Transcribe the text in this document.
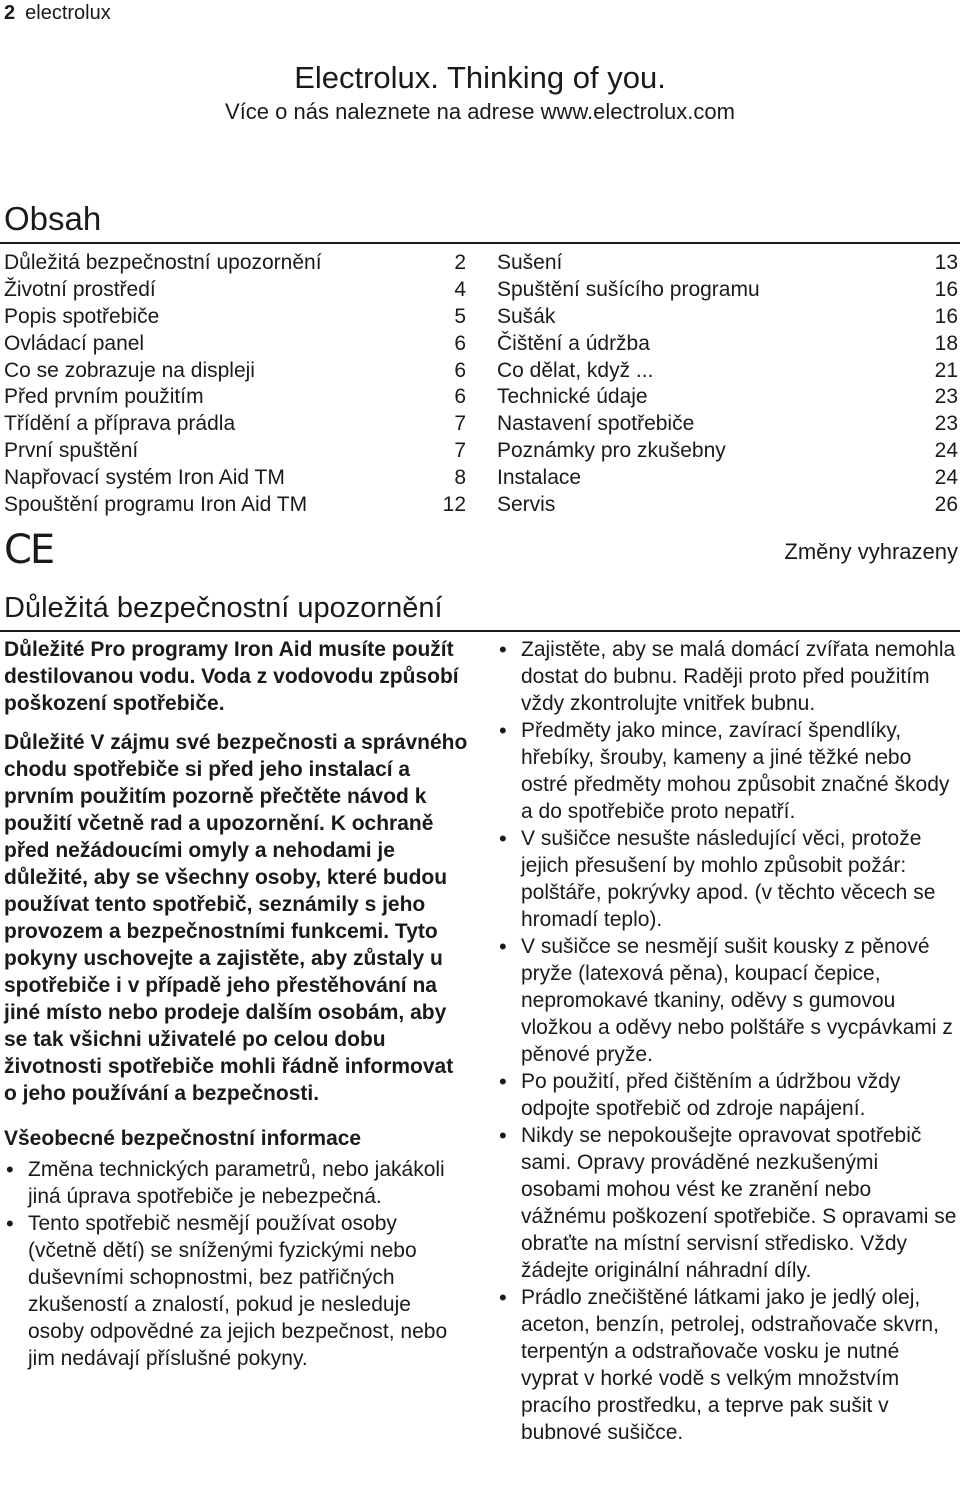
2 electrolux
Electrolux. Thinking of you.
Více o nás naleznete na adrese www.electrolux.com
Obsah
Důležitá bezpečnostní upozornění	2
Životní prostředí	4
Popis spotřebiče	5
Ovládací panel	6
Co se zobrazuje na displeji	6
Před prvním použitím	6
Třídění a příprava prádla	7
První spuštění	7
Napřovací systém Iron Aid TM	8
Spouštění programu Iron Aid TM	12
Sušení	13
Spuštění sušícího programu	16
Sušák	16
Čištění a údržba	18
Co dělat, když ...	21
Technické údaje	23
Nastavení spotřebiče	23
Poznámky pro zkušebny	24
Instalace	24
Servis	26
CE	Změny vyhrazeny
Důležitá bezpečnostní upozornění

Důležité Pro programy Iron Aid musíte použít destilovanou vodu. Voda z vodovodu způsobí poškození spotřebiče.

Důležité V zájmu své bezpečnosti a správného chodu spotřebiče si před jeho instalací a prvním použitím pozorně přečtěte návod k použití včetně rad a upozornění. K ochraně před nežádoucími omyly a nehodami je důležité, aby se všechny osoby, které budou používat tento spotřebič, seznámily s jeho provozem a bezpečnostními funkcemi. Tyto pokyny uschovejte a zajistěte, aby zůstaly u spotřebiče i v případě jeho přestěhování na jiné místo nebo prodeje dalším osobám, aby se tak všichni uživatelé po celou dobu životnosti spotřebiče mohli řádně informovat o jeho používání a bezpečnosti.

Všeobecné bezpečnostní informace
• Změna technických parametrů, nebo jakákoli jiná úprava spotřebiče je nebezpečná.
• Tento spotřebič nesmějí používat osoby (včetně dětí) se sníženými fyzickými nebo duševními schopnostmi, bez patřičných zkušeností a znalostí, pokud je nesleduje osoby odpovědné za jejich bezpečnost, nebo jim nedávají příslušné pokyny.
• Zajistěte, aby se malá domácí zvířata nemohla dostat do bubnu. Raději proto před použitím vždy zkontrolujte vnitřek bubnu.
• Předměty jako mince, zavírací špendlíky, hřebíky, šrouby, kameny a jiné těžké nebo ostré předměty mohou způsobit značné škody a do spotřebiče proto nepatří.
• V sušičce nesušte následující věci, protože jejich přesušení by mohlo způsobit požár: polštáře, pokrývky apod. (v těchto věcech se hromadí teplo).
• V sušičce se nesmějí sušit kousky z pěnové pryže (latexová pěna), koupací čepice, nepromokavé tkaniny, oděvy s gumovou vložkou a oděvy nebo polštáře s vycpávkami z pěnové pryže.
• Po použití, před čištěním a údržbou vždy odpojte spotřebič od zdroje napájení.
• Nikdy se nepokoušejte opravovat spotřebič sami. Opravy prováděné nezkušenými osobami mohou vést ke zranění nebo vážnému poškození spotřebiče. S opravami se obraťte na místní servisní středisko. Vždy žádejte originální náhradní díly.
• Prádlo znečištěné látkami jako je jedlý olej, aceton, benzín, petrolej, odstraňovače skvrn, terpentýn a odstraňovače vosku je nutné vyprat v horké vodě s velkým množstvím pracího prostředku, a teprve pak sušit v bubnové sušičce.
